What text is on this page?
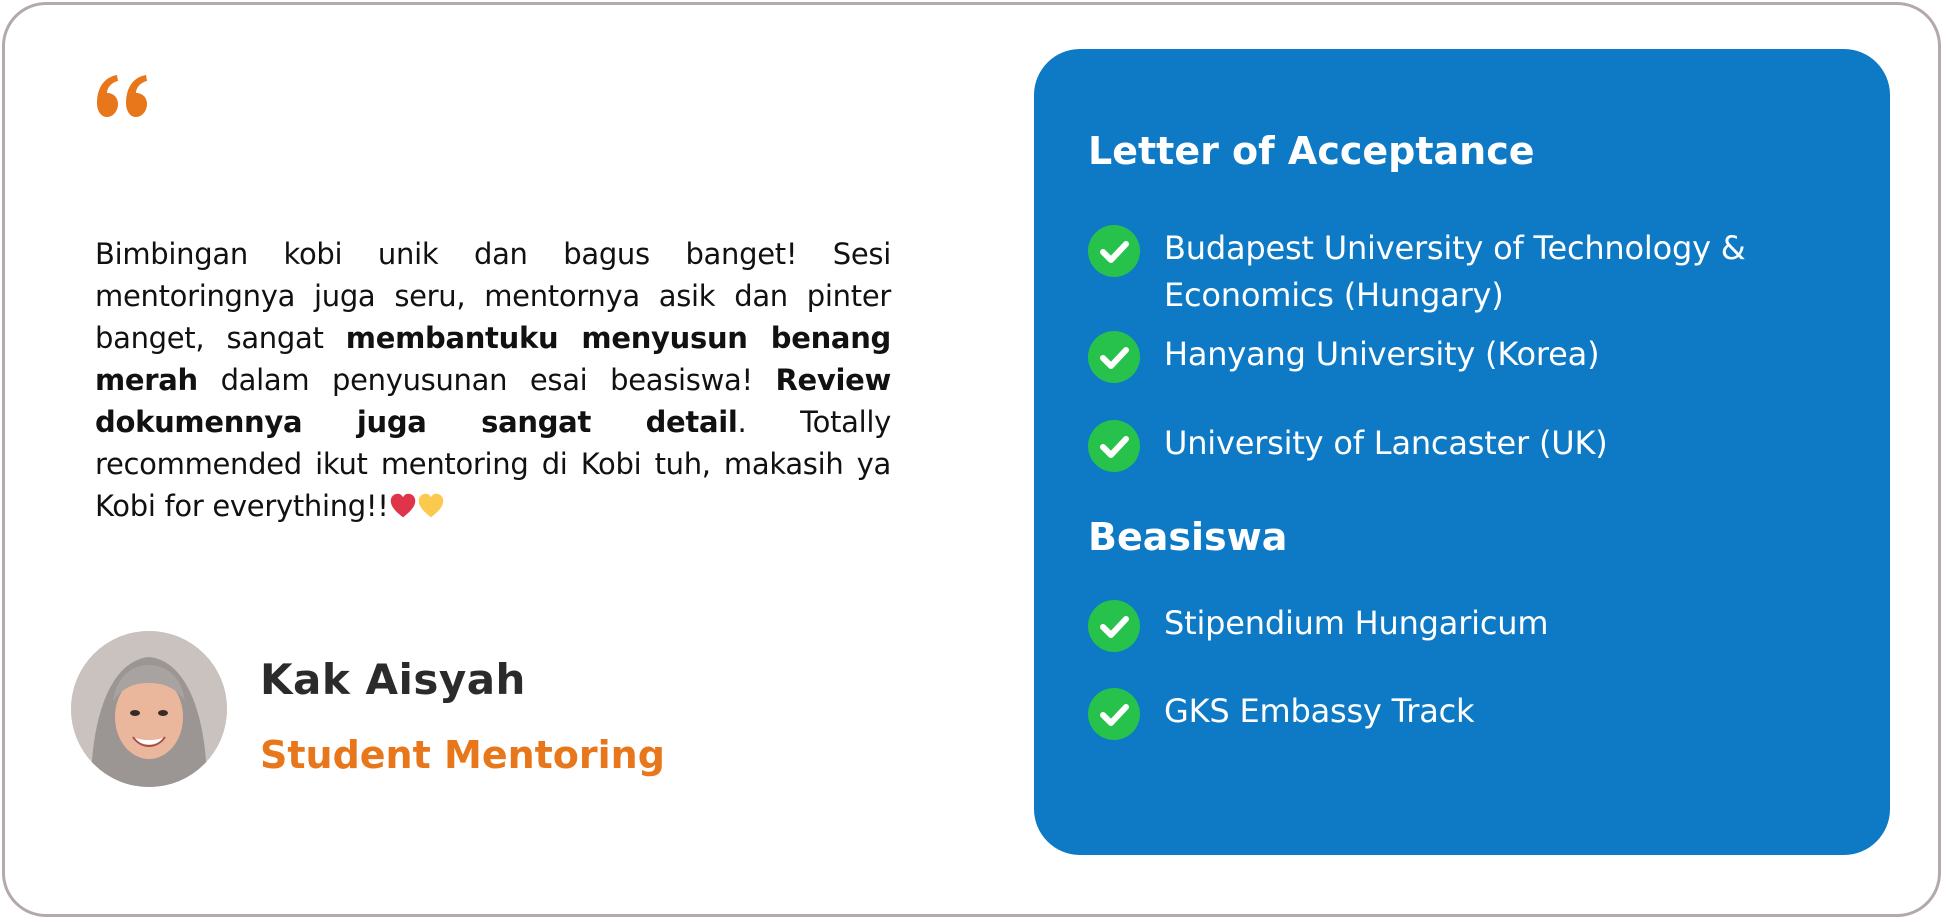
Bimbingan kobi unik dan bagus banget! Sesi mentoringnya juga seru, mentornya asik dan pinter banget, sangat membantuku menyusun benang merah dalam penyusunan esai beasiswa! Review dokumennya juga sangat detail. Totally recommended ikut mentoring di Kobi tuh, makasih ya Kobi for everything!!

Kak Aisyah
Student Mentoring
Letter of Acceptance
Budapest University of Technology & Economics (Hungary)
Hanyang University (Korea)
University of Lancaster (UK)
Beasiswa
Stipendium Hungaricum
GKS Embassy Track
